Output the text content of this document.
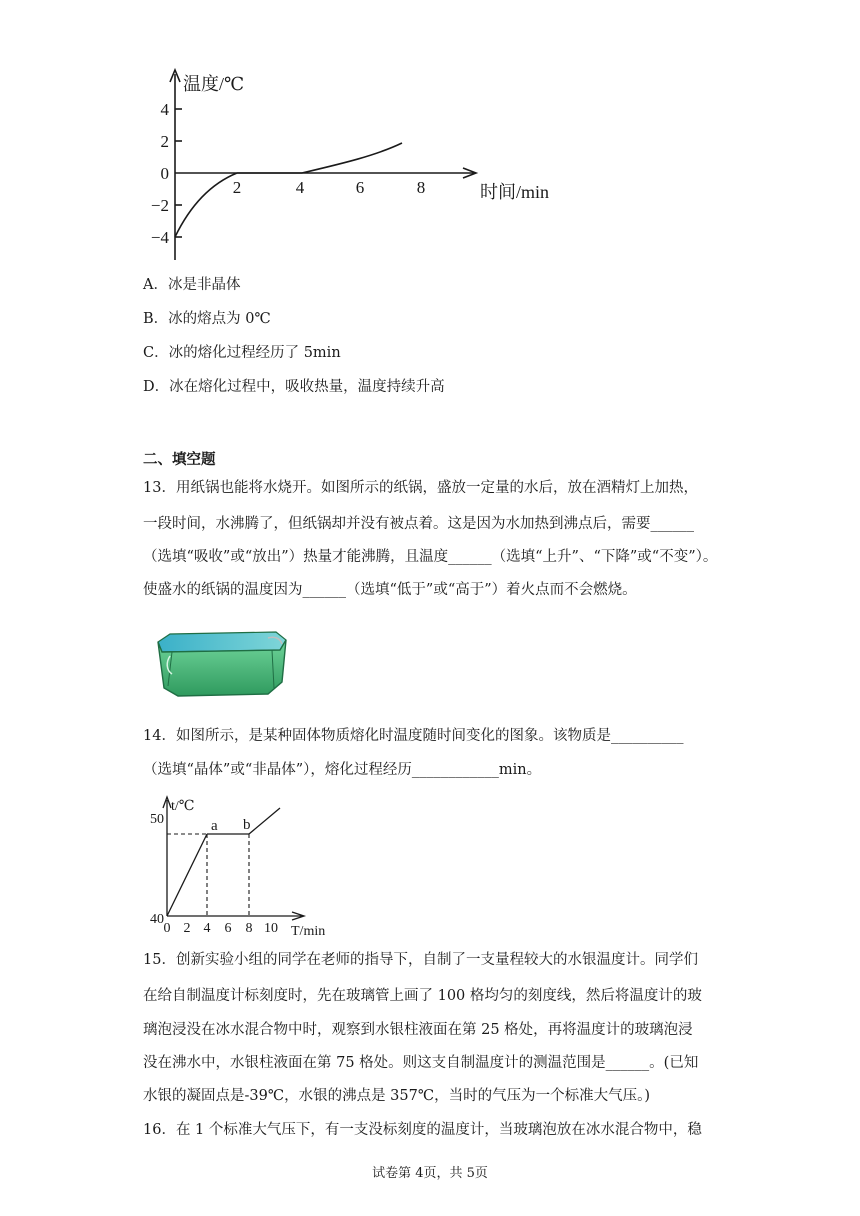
温度/℃
时间/min
4
2
0
−2
−4
2	4	6	8
A．冰是非晶体
B．冰的熔点为 0℃
C．冰的熔化过程经历了 5min
D．冰在熔化过程中，吸收热量，温度持续升高
二、填空题
13．用纸锅也能将水烧开。如图所示的纸锅，盛放一定量的水后，放在酒精灯上加热，
一段时间，水沸腾了，但纸锅却并没有被点着。这是因为水加热到沸点后，需要______
（选填“吸收”或“放出”）热量才能沸腾，且温度______（选填“上升”、“下降”或“不变”）。
使盛水的纸锅的温度因为______（选填“低于”或“高于”）着火点而不会燃烧。
14．如图所示，是某种固体物质熔化时温度随时间变化的图象。该物质是__________
（选填“晶体”或“非晶体”），熔化过程经历____________min。
t/℃
T/min
50
40
0 2 4 6 8 10
a b
15．创新实验小组的同学在老师的指导下，自制了一支量程较大的水银温度计。同学们
在给自制温度计标刻度时，先在玻璃管上画了 100 格均匀的刻度线，然后将温度计的玻
璃泡浸没在冰水混合物中时，观察到水银柱液面在第 25 格处，再将温度计的玻璃泡浸
没在沸水中，水银柱液面在第 75 格处。则这支自制温度计的测温范围是______。(已知
水银的凝固点是-39℃，水银的沸点是 357℃，当时的气压为一个标准大气压。)
16．在 1 个标准大气压下，有一支没标刻度的温度计，当玻璃泡放在冰水混合物中，稳
试卷第 4页，共 5页
